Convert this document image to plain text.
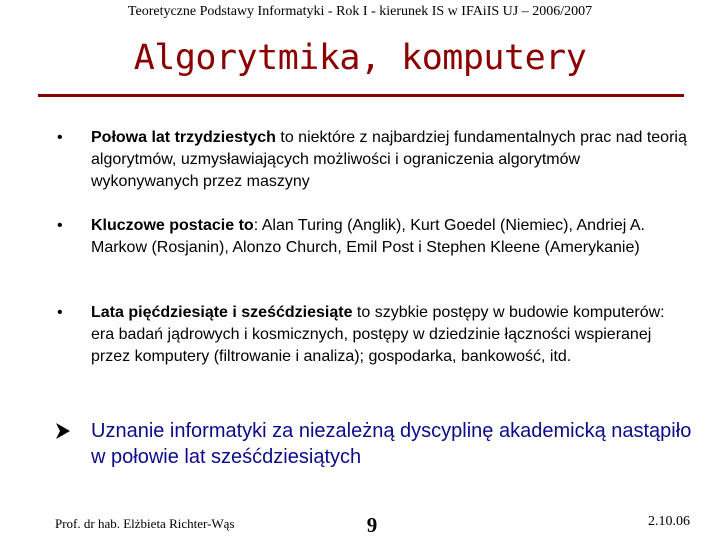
Teoretyczne Podstawy Informatyki - Rok I - kierunek IS w IFAiIS UJ – 2006/2007
Algorytmika, komputery
• Połowa lat trzydziestych to niektóre z najbardziej fundamentalnych prac nad teorią algorytmów, uzmysławiających możliwości i ograniczenia algorytmów wykonywanych przez maszyny
• Kluczowe postacie to: Alan Turing (Anglik), Kurt Goedel (Niemiec), Andriej A. Markow (Rosjanin), Alonzo Church, Emil Post i Stephen Kleene (Amerykanie)
• Lata pięćdziesiąte i sześćdziesiąte to szybkie postępy w budowie komputerów: era badań jądrowych i kosmicznych, postępy w dziedzinie łączności wspieranej przez komputery (filtrowanie i analiza); gospodarka, bankowość, itd.
Uznanie informatyki za niezależną dyscyplinę akademicką nastąpiło w połowie lat sześćdziesiątych
Prof. dr hab. Elżbieta Richter-Wąs	9	2.10.06
